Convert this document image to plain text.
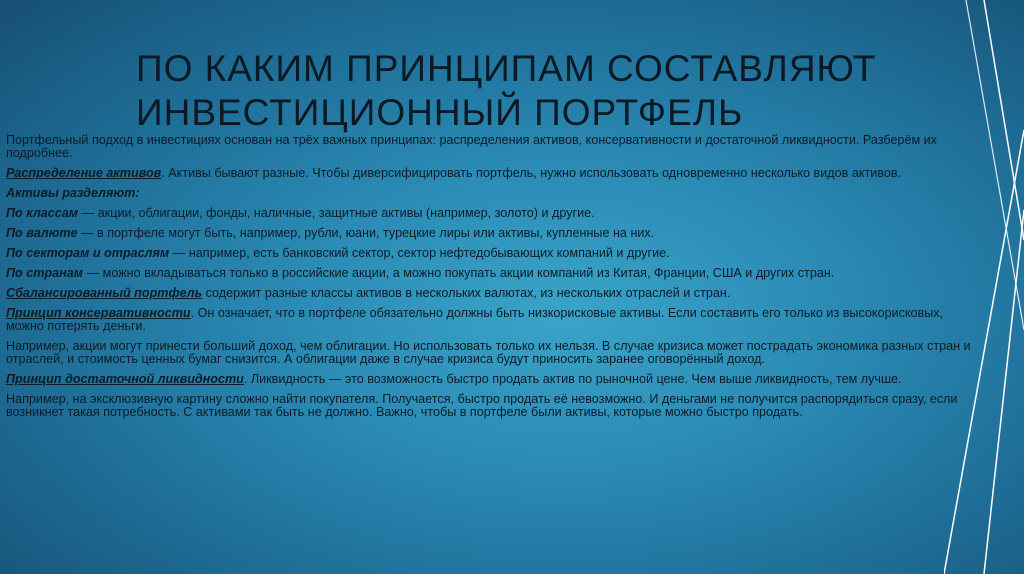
ПО КАКИМ ПРИНЦИПАМ СОСТАВЛЯЮТ
ИНВЕСТИЦИОННЫЙ ПОРТФЕЛЬ

Портфельный подход в инвестициях основан на трёх важных принципах: распределения активов, консервативности и достаточной ликвидности. Разберём их подробнее.

Распределение активов. Активы бывают разные. Чтобы диверсифицировать портфель, нужно использовать одновременно несколько видов активов.

Активы разделяют:

По классам — акции, облигации, фонды, наличные, защитные активы (например, золото) и другие.

По валюте — в портфеле могут быть, например, рубли, юани, турецкие лиры или активы, купленные на них.

По секторам и отраслям — например, есть банковский сектор, сектор нефтедобывающих компаний и другие.

По странам — можно вкладываться только в российские акции, а можно покупать акции компаний из Китая, Франции, США и других стран.

Сбалансированный портфель содержит разные классы активов в нескольких валютах, из нескольких отраслей и стран.

Принцип консервативности. Он означает, что в портфеле обязательно должны быть низкорисковые активы. Если составить его только из высокорисковых, можно потерять деньги.

Например, акции могут принести больший доход, чем облигации. Но использовать только их нельзя. В случае кризиса может пострадать экономика разных стран и отраслей, и стоимость ценных бумаг снизится. А облигации даже в случае кризиса будут приносить заранее оговорённый доход.

Принцип достаточной ликвидности. Ликвидность — это возможность быстро продать актив по рыночной цене. Чем выше ликвидность, тем лучше.

Например, на эксклюзивную картину сложно найти покупателя. Получается, быстро продать её невозможно. И деньгами не получится распорядиться сразу, если возникнет такая потребность. С активами так быть не должно. Важно, чтобы в портфеле были активы, которые можно быстро продать.
